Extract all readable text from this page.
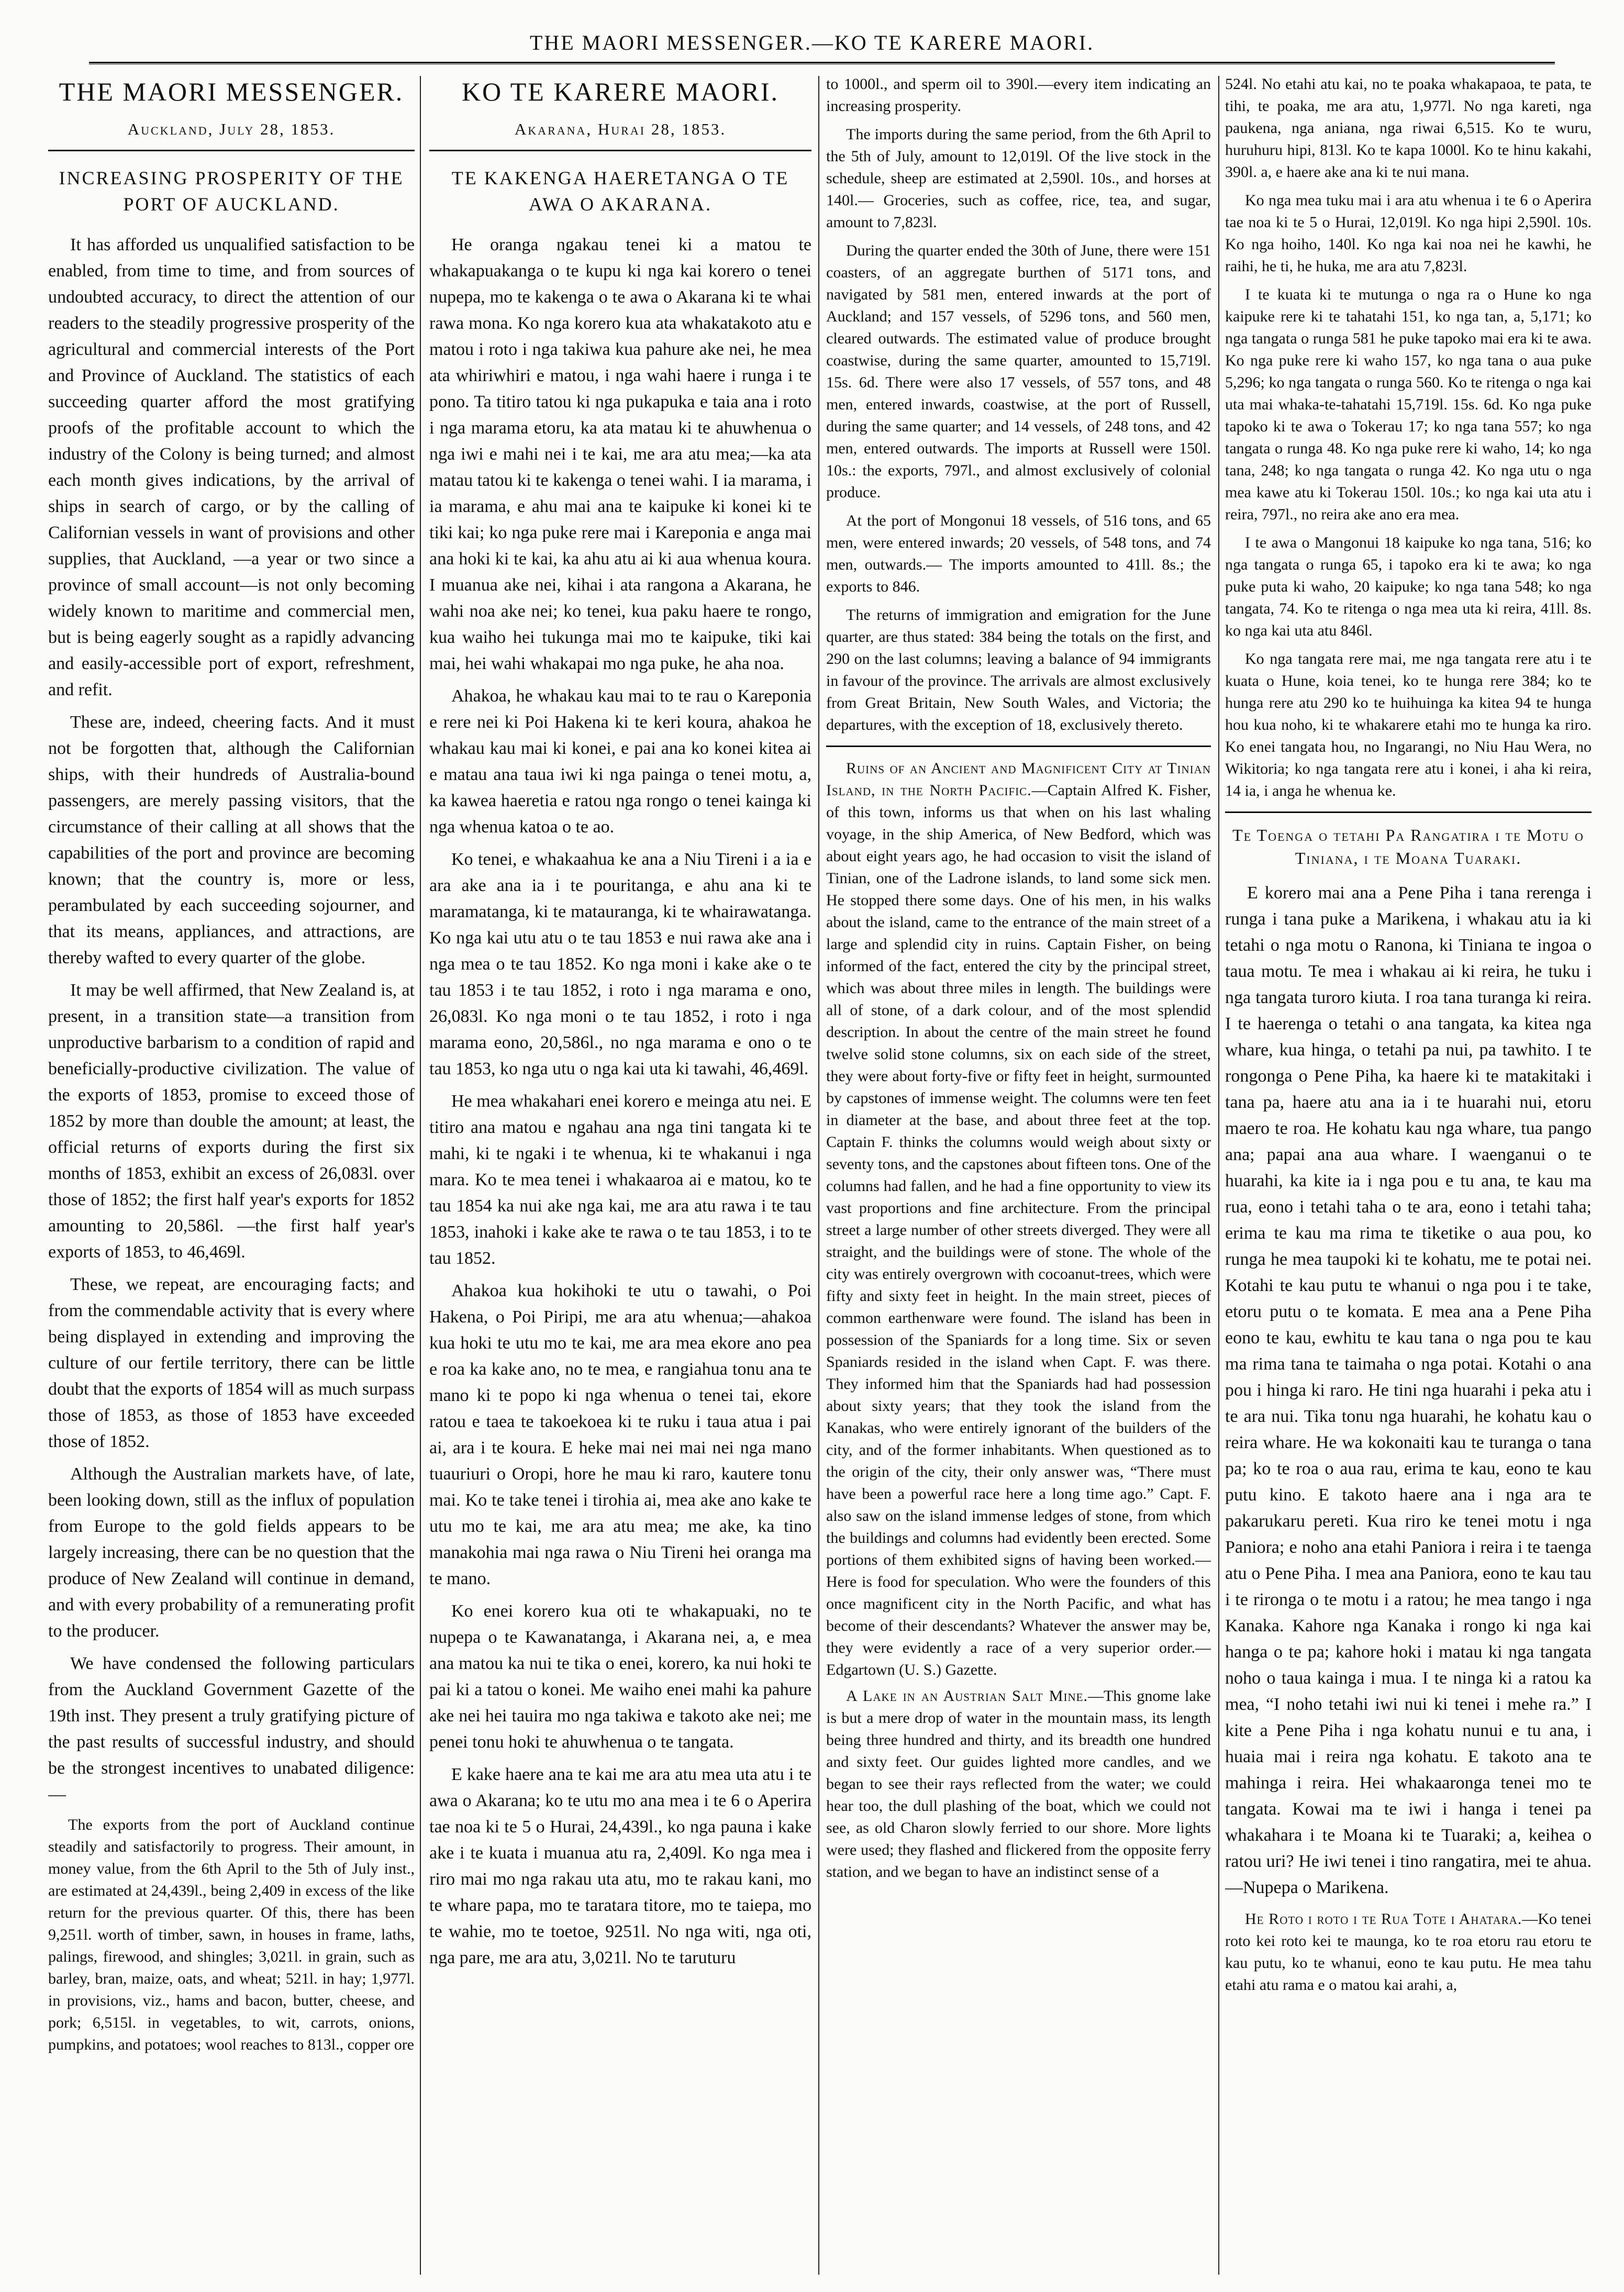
THE MAORI MESSENGER.—KO TE KARERE MAORI.
THE MAORI MESSENGER.
Auckland, July 28, 1853.
INCREASING PROSPERITY OF THE PORT OF AUCKLAND.

It has afforded us unqualified satisfaction to be enabled, from time to time, and from sources of undoubted accuracy, to direct the attention of our readers to the steadily progressive prosperity of the agricultural and commercial interests of the Port and Province of Auckland. The statistics of each succeeding quarter afford the most gratifying proofs of the profitable account to which the industry of the Colony is being turned; and almost each month gives indications, by the arrival of ships in search of cargo, or by the calling of Californian vessels in want of provisions and other supplies, that Auckland, —a year or two since a province of small account—is not only becoming widely known to maritime and commercial men, but is being eagerly sought as a rapidly advancing and easily-accessible port of export, refreshment, and refit.

These are, indeed, cheering facts. And it must not be forgotten that, although the Californian ships, with their hundreds of Australia-bound passengers, are merely passing visitors, that the circumstance of their calling at all shows that the capabilities of the port and province are becoming known; that the country is, more or less, perambulated by each succeeding sojourner, and that its means, appliances, and attractions, are thereby wafted to every quarter of the globe.

It may be well affirmed, that New Zealand is, at present, in a transition state—a transition from unproductive barbarism to a condition of rapid and beneficially-productive civilization. The value of the exports of 1853, promise to exceed those of 1852 by more than double the amount; at least, the official returns of exports during the first six months of 1853, exhibit an excess of 26,083l. over those of 1852; the first half year's exports for 1852 amounting to 20,586l. —the first half year's exports of 1853, to 46,469l.

These, we repeat, are encouraging facts; and from the commendable activity that is every where being displayed in extending and improving the culture of our fertile territory, there can be little doubt that the exports of 1854 will as much surpass those of 1853, as those of 1853 have exceeded those of 1852.

Although the Australian markets have, of late, been looking down, still as the influx of population from Europe to the gold fields appears to be largely increasing, there can be no question that the produce of New Zealand will continue in demand, and with every probability of a remunerating profit to the producer.

We have condensed the following particulars from the Auckland Government Gazette of the 19th inst. They present a truly gratifying picture of the past results of successful industry, and should be the strongest incentives to unabated diligence:—

The exports from the port of Auckland continue steadily and satisfactorily to progress. Their amount, in money value, from the 6th April to the 5th of July inst., are estimated at 24,439l., being 2,409 in excess of the like return for the previous quarter. Of this, there has been 9,251l. worth of timber, sawn, in houses in frame, laths, palings, firewood, and shingles; 3,021l. in grain, such as barley, bran, maize, oats, and wheat; 521l. in hay; 1,977l. in provisions, viz., hams and bacon, butter, cheese, and pork; 6,515l. in vegetables, to wit, carrots, onions, pumpkins, and potatoes; wool reaches to 813l., copper ore

KO TE KARERE MAORI.
Akarana, Hurai 28, 1853.
TE KAKENGA HAERETANGA O TE AWA O AKARANA.

He oranga ngakau tenei ki a matou te whakapuakanga o te kupu ki nga kai korero o tenei nupepa, mo te kakenga o te awa o Akarana ki te whai rawa mona. Ko nga korero kua ata whakatakoto atu e matou i roto i nga takiwa kua pahure ake nei, he mea ata whiriwhiri e matou, i nga wahi haere i runga i te pono. Ta titiro tatou ki nga pukapuka e taia ana i roto i nga marama etoru, ka ata matau ki te ahuwhenua o nga iwi e mahi nei i te kai, me ara atu mea;—ka ata matau tatou ki te kakenga o tenei wahi. I ia marama, i ia marama, e ahu mai ana te kaipuke ki konei ki te tiki kai; ko nga puke rere mai i Kareponia e anga mai ana hoki ki te kai, ka ahu atu ai ki aua whenua koura. I muanua ake nei, kihai i ata rangona a Akarana, he wahi noa ake nei; ko tenei, kua paku haere te rongo, kua waiho hei tukunga mai mo te kaipuke, tiki kai mai, hei wahi whakapai mo nga puke, he aha noa.

Ahakoa, he whakau kau mai to te rau o Kareponia e rere nei ki Poi Hakena ki te keri koura, ahakoa he whakau kau mai ki konei, e pai ana ko konei kitea ai e matau ana taua iwi ki nga painga o tenei motu, a, ka kawea haeretia e ratou nga rongo o tenei kainga ki nga whenua katoa o te ao.

Ko tenei, e whakaahua ke ana a Niu Tireni i a ia e ara ake ana ia i te pouritanga, e ahu ana ki te maramatanga, ki te matauranga, ki te whairawatanga. Ko nga kai utu atu o te tau 1853 e nui rawa ake ana i nga mea o te tau 1852. Ko nga moni i kake ake o te tau 1853 i te tau 1852, i roto i nga marama e ono, 26,083l. Ko nga moni o te tau 1852, i roto i nga marama eono, 20,586l., no nga marama e ono o te tau 1853, ko nga utu o nga kai uta ki tawahi, 46,469l.

He mea whakahari enei korero e meinga atu nei. E titiro ana matou e ngahau ana nga tini tangata ki te mahi, ki te ngaki i te whenua, ki te whakanui i nga mara. Ko te mea tenei i whakaaroa ai e matou, ko te tau 1854 ka nui ake nga kai, me ara atu rawa i te tau 1853, inahoki i kake ake te rawa o te tau 1853, i to te tau 1852.

Ahakoa kua hokihoki te utu o tawahi, o Poi Hakena, o Poi Piripi, me ara atu whenua;—ahakoa kua hoki te utu mo te kai, me ara mea ekore ano pea e roa ka kake ano, no te mea, e rangiahua tonu ana te mano ki te popo ki nga whenua o tenei tai, ekore ratou e taea te takoekoea ki te ruku i taua atua i pai ai, ara i te koura. E heke mai nei mai nei nga mano tuauriuri o Oropi, hore he mau ki raro, kautere tonu mai. Ko te take tenei i tirohia ai, mea ake ano kake te utu mo te kai, me ara atu mea; me ake, ka tino manakohia mai nga rawa o Niu Tireni hei oranga ma te mano.

Ko enei korero kua oti te whakapuaki, no te nupepa o te Kawanatanga, i Akarana nei, a, e mea ana matou ka nui te tika o enei, korero, ka nui hoki te pai ki a tatou o konei. Me waiho enei mahi ka pahure ake nei hei tauira mo nga takiwa e takoto ake nei; me penei tonu hoki te ahuwhenua o te tangata.

E kake haere ana te kai me ara atu mea uta atu i te awa o Akarana; ko te utu mo ana mea i te 6 o Aperira tae noa ki te 5 o Hurai, 24,439l., ko nga pauna i kake ake i te kuata i muanua atu ra, 2,409l. Ko nga mea i riro mai mo nga rakau uta atu, mo te rakau kani, mo te whare papa, mo te taratara titore, mo te taiepa, mo te wahie, mo te toetoe, 9251l. No nga witi, nga oti, nga pare, me ara atu, 3,021l. No te taruturu

to 1000l., and sperm oil to 390l.—every item indicating an increasing prosperity.

The imports during the same period, from the 6th April to the 5th of July, amount to 12,019l. Of the live stock in the schedule, sheep are estimated at 2,590l. 10s., and horses at 140l.— Groceries, such as coffee, rice, tea, and sugar, amount to 7,823l.

During the quarter ended the 30th of June, there were 151 coasters, of an aggregate burthen of 5171 tons, and navigated by 581 men, entered inwards at the port of Auckland; and 157 vessels, of 5296 tons, and 560 men, cleared outwards. The estimated value of produce brought coastwise, during the same quarter, amounted to 15,719l. 15s. 6d. There were also 17 vessels, of 557 tons, and 48 men, entered inwards, coastwise, at the port of Russell, during the same quarter; and 14 vessels, of 248 tons, and 42 men, entered outwards. The imports at Russell were 150l. 10s.: the exports, 797l., and almost exclusively of colonial produce.

At the port of Mongonui 18 vessels, of 516 tons, and 65 men, were entered inwards; 20 vessels, of 548 tons, and 74 men, outwards.— The imports amounted to 41ll. 8s.; the exports to 846.

The returns of immigration and emigration for the June quarter, are thus stated: 384 being the totals on the first, and 290 on the last columns; leaving a balance of 94 immigrants in favour of the province. The arrivals are almost exclusively from Great Britain, New South Wales, and Victoria; the departures, with the exception of 18, exclusively thereto.

Ruins of an Ancient and Magnificent City at Tinian Island, in the North Pacific.—Captain Alfred K. Fisher, of this town, informs us that when on his last whaling voyage, in the ship America, of New Bedford, which was about eight years ago, he had occasion to visit the island of Tinian, one of the Ladrone islands, to land some sick men. He stopped there some days. One of his men, in his walks about the island, came to the entrance of the main street of a large and splendid city in ruins. Captain Fisher, on being informed of the fact, entered the city by the principal street, which was about three miles in length. The buildings were all of stone, of a dark colour, and of the most splendid description. In about the centre of the main street he found twelve solid stone columns, six on each side of the street, they were about forty-five or fifty feet in height, surmounted by capstones of immense weight. The columns were ten feet in diameter at the base, and about three feet at the top. Captain F. thinks the columns would weigh about sixty or seventy tons, and the capstones about fifteen tons. One of the columns had fallen, and he had a fine opportunity to view its vast proportions and fine architecture. From the principal street a large number of other streets diverged. They were all straight, and the buildings were of stone. The whole of the city was entirely overgrown with cocoanut-trees, which were fifty and sixty feet in height. In the main street, pieces of common earthenware were found. The island has been in possession of the Spaniards for a long time. Six or seven Spaniards resided in the island when Capt. F. was there. They informed him that the Spaniards had had possession about sixty years; that they took the island from the Kanakas, who were entirely ignorant of the builders of the city, and of the former inhabitants. When questioned as to the origin of the city, their only answer was, “There must have been a powerful race here a long time ago.” Capt. F. also saw on the island immense ledges of stone, from which the buildings and columns had evidently been erected. Some portions of them exhibited signs of having been worked.— Here is food for speculation. Who were the founders of this once magnificent city in the North Pacific, and what has become of their descendants? Whatever the answer may be, they were evidently a race of a very superior order.—Edgartown (U. S.) Gazette.

A Lake in an Austrian Salt Mine.—This gnome lake is but a mere drop of water in the mountain mass, its length being three hundred and thirty, and its breadth one hundred and sixty feet. Our guides lighted more candles, and we began to see their rays reflected from the water; we could hear too, the dull plashing of the boat, which we could not see, as old Charon slowly ferried to our shore. More lights were used; they flashed and flickered from the opposite ferry station, and we began to have an indistinct sense of a

524l. No etahi atu kai, no te poaka whakapaoa, te pata, te tihi, te poaka, me ara atu, 1,977l. No nga kareti, nga paukena, nga aniana, nga riwai 6,515. Ko te wuru, huruhuru hipi, 813l. Ko te kapa 1000l. Ko te hinu kakahi, 390l. a, e haere ake ana ki te nui mana.

Ko nga mea tuku mai i ara atu whenua i te 6 o Aperira tae noa ki te 5 o Hurai, 12,019l. Ko nga hipi 2,590l. 10s. Ko nga hoiho, 140l. Ko nga kai noa nei he kawhi, he raihi, he ti, he huka, me ara atu 7,823l.

I te kuata ki te mutunga o nga ra o Hune ko nga kaipuke rere ki te tahatahi 151, ko nga tan, a, 5,171; ko nga tangata o runga 581 he puke tapoko mai era ki te awa. Ko nga puke rere ki waho 157, ko nga tana o aua puke 5,296; ko nga tangata o runga 560. Ko te ritenga o nga kai uta mai whaka-te-tahatahi 15,719l. 15s. 6d. Ko nga puke tapoko ki te awa o Tokerau 17; ko nga tana 557; ko nga tangata o runga 48. Ko nga puke rere ki waho, 14; ko nga tana, 248; ko nga tangata o runga 42. Ko nga utu o nga mea kawe atu ki Tokerau 150l. 10s.; ko nga kai uta atu i reira, 797l., no reira ake ano era mea.

I te awa o Mangonui 18 kaipuke ko nga tana, 516; ko nga tangata o runga 65, i tapoko era ki te awa; ko nga puke puta ki waho, 20 kaipuke; ko nga tana 548; ko nga tangata, 74. Ko te ritenga o nga mea uta ki reira, 41ll. 8s. ko nga kai uta atu 846l.

Ko nga tangata rere mai, me nga tangata rere atu i te kuata o Hune, koia tenei, ko te hunga rere 384; ko te hunga rere atu 290 ko te huihuinga ka kitea 94 te hunga hou kua noho, ki te whakarere etahi mo te hunga ka riro. Ko enei tangata hou, no Ingarangi, no Niu Hau Wera, no Wikitoria; ko nga tangata rere atu i konei, i aha ki reira, 14 ia, i anga he whenua ke.

Te Toenga o tetahi Pa Rangatira i te Motu o Tiniana, i te Moana Tuaraki.

E korero mai ana a Pene Piha i tana rerenga i runga i tana puke a Marikena, i whakau atu ia ki tetahi o nga motu o Ranona, ki Tiniana te ingoa o taua motu. Te mea i whakau ai ki reira, he tuku i nga tangata turoro kiuta. I roa tana turanga ki reira. I te haerenga o tetahi o ana tangata, ka kitea nga whare, kua hinga, o tetahi pa nui, pa tawhito. I te rongonga o Pene Piha, ka haere ki te matakitaki i tana pa, haere atu ana ia i te huarahi nui, etoru maero te roa. He kohatu kau nga whare, tua pango ana; papai ana aua whare. I waenganui o te huarahi, ka kite ia i nga pou e tu ana, te kau ma rua, eono i tetahi taha o te ara, eono i tetahi taha; erima te kau ma rima te tiketike o aua pou, ko runga he mea taupoki ki te kohatu, me te potai nei. Kotahi te kau putu te whanui o nga pou i te take, etoru putu o te komata. E mea ana a Pene Piha eono te kau, ewhitu te kau tana o nga pou te kau ma rima tana te taimaha o nga potai. Kotahi o ana pou i hinga ki raro. He tini nga huarahi i peka atu i te ara nui. Tika tonu nga huarahi, he kohatu kau o reira whare. He wa kokonaiti kau te turanga o tana pa; ko te roa o aua rau, erima te kau, eono te kau putu kino. E takoto haere ana i nga ara te pakarukaru pereti. Kua riro ke tenei motu i nga Paniora; e noho ana etahi Paniora i reira i te taenga atu o Pene Piha. I mea ana Paniora, eono te kau tau i te rironga o te motu i a ratou; he mea tango i nga Kanaka. Kahore nga Kanaka i rongo ki nga kai hanga o te pa; kahore hoki i matau ki nga tangata noho o taua kainga i mua. I te ninga ki a ratou ka mea, “I noho tetahi iwi nui ki tenei i mehe ra.” I kite a Pene Piha i nga kohatu nunui e tu ana, i huaia mai i reira nga kohatu. E takoto ana te mahinga i reira. Hei whakaaronga tenei mo te tangata. Kowai ma te iwi i hanga i tenei pa whakahara i te Moana ki te Tuaraki; a, keihea o ratou uri? He iwi tenei i tino rangatira, mei te ahua.—Nupepa o Marikena.

He Roto i roto i te Rua Tote i Ahatara.—Ko tenei roto kei roto kei te maunga, ko te roa etoru rau etoru te kau putu, ko te whanui, eono te kau putu. He mea tahu etahi atu rama e o matou kai arahi, a,
